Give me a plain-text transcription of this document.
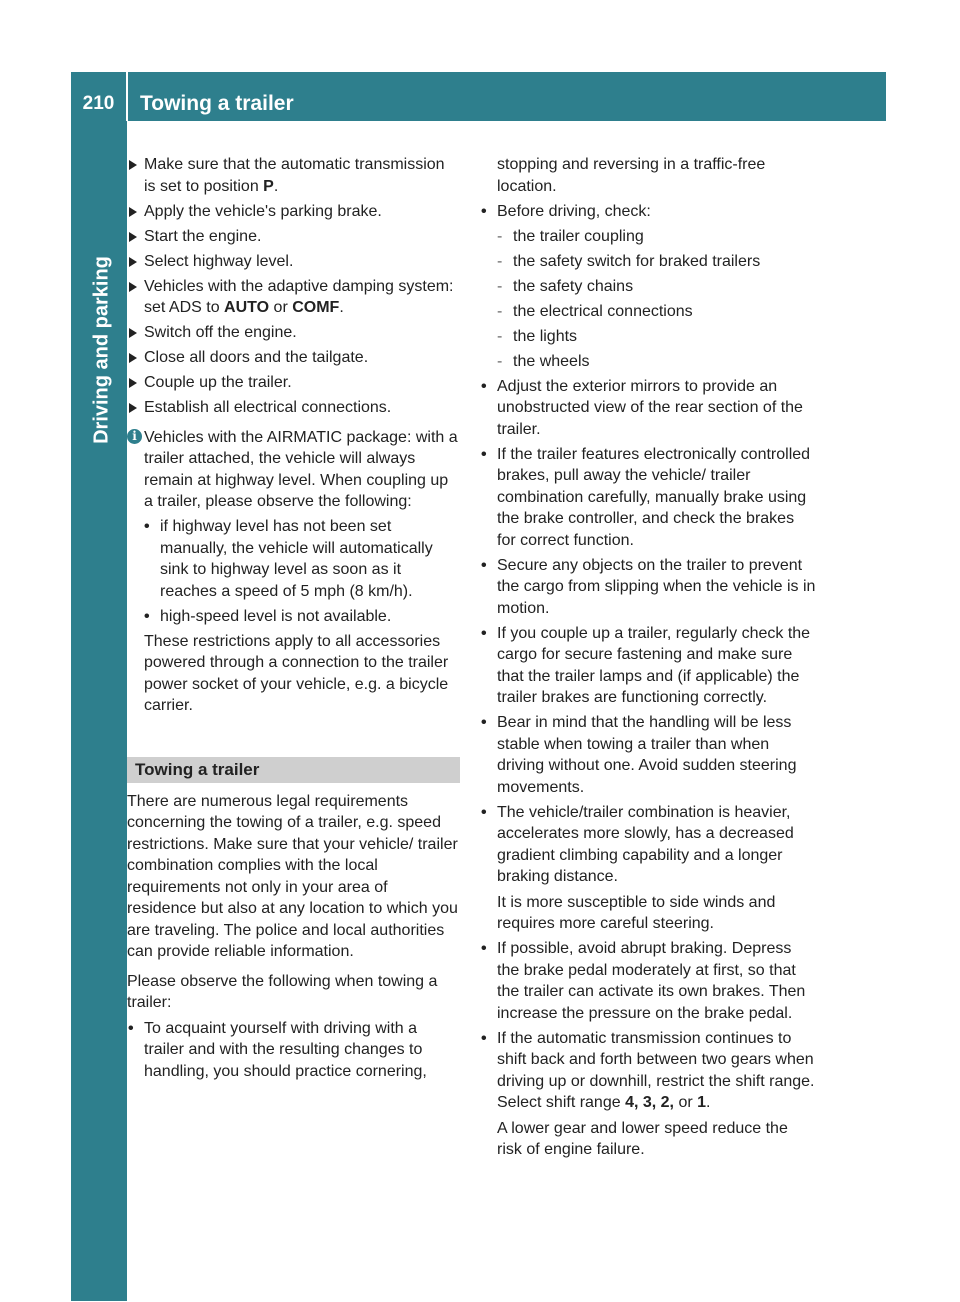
210	Towing a trailer
Driving and parking

Make sure that the automatic transmission is set to position P.

Apply the vehicle's parking brake.

Start the engine.

Select highway level.

Vehicles with the adaptive damping system: set ADS to AUTO or COMF.

Switch off the engine.

Close all doors and the tailgate.

Couple up the trailer.

Establish all electrical connections.

i Vehicles with the AIRMATIC package: with a trailer attached, the vehicle will always remain at highway level. When coupling up a trailer, please observe the following:

• if highway level has not been set manually, the vehicle will automatically sink to highway level as soon as it reaches a speed of 5 mph (8 km/h).

• high-speed level is not available.

These restrictions apply to all accessories powered through a connection to the trailer power socket of your vehicle, e.g. a bicycle carrier.

Towing a trailer

There are numerous legal requirements concerning the towing of a trailer, e.g. speed restrictions. Make sure that your vehicle/ trailer combination complies with the local requirements not only in your area of residence but also at any location to which you are traveling. The police and local authorities can provide reliable information.

Please observe the following when towing a trailer:

• To acquaint yourself with driving with a trailer and with the resulting changes to handling, you should practice cornering,

stopping and reversing in a traffic-free location.

• Before driving, check:

- the trailer coupling

- the safety switch for braked trailers

- the safety chains

- the electrical connections

- the lights

- the wheels

• Adjust the exterior mirrors to provide an unobstructed view of the rear section of the trailer.

• If the trailer features electronically controlled brakes, pull away the vehicle/ trailer combination carefully, manually brake using the brake controller, and check the brakes for correct function.

• Secure any objects on the trailer to prevent the cargo from slipping when the vehicle is in motion.

• If you couple up a trailer, regularly check the cargo for secure fastening and make sure that the trailer lamps and (if applicable) the trailer brakes are functioning correctly.

• Bear in mind that the handling will be less stable when towing a trailer than when driving without one. Avoid sudden steering movements.

• The vehicle/trailer combination is heavier, accelerates more slowly, has a decreased gradient climbing capability and a longer braking distance.

It is more susceptible to side winds and requires more careful steering.

• If possible, avoid abrupt braking. Depress the brake pedal moderately at first, so that the trailer can activate its own brakes. Then increase the pressure on the brake pedal.

• If the automatic transmission continues to shift back and forth between two gears when driving up or downhill, restrict the shift range. Select shift range 4, 3, 2, or 1.

A lower gear and lower speed reduce the risk of engine failure.
